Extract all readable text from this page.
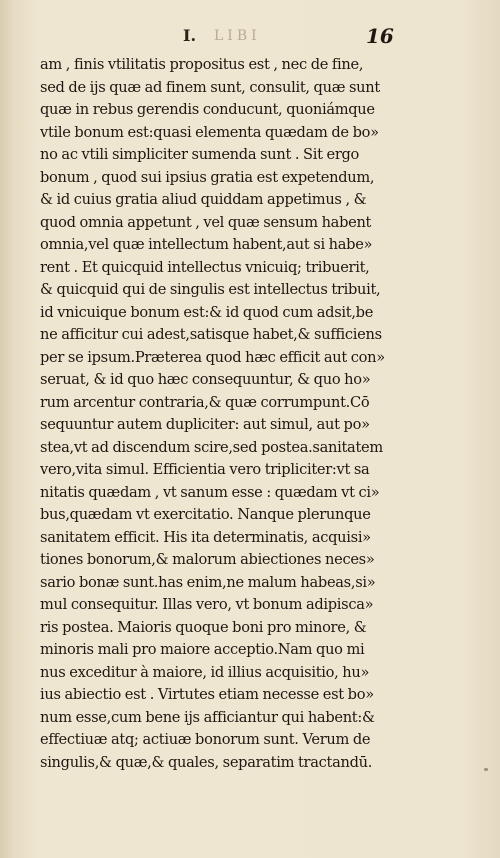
I. LIBI	16
am , finis vtilitatis propositus est , nec de fine,
sed de ijs quæ ad finem sunt, consulit, quæ sunt
quæ in rebus gerendis conducunt, quoniámque
vtile bonum est:quasi elementa quædam de bo»
no ac vtili simpliciter sumenda sunt . Sit ergo
bonum , quod sui ipsius gratia est expetendum,
& id cuius gratia aliud quiddam appetimus , &
quod omnia appetunt , vel quæ sensum habent
omnia,vel quæ intellectum habent,aut si habe»
rent . Et quicquid intellectus vnicuiq; tribuerit,
& quicquid qui de singulis est intellectus tribuit,
id vnicuique bonum est:& id quod cum adsit,be
ne afficitur cui adest,satisque habet,& sufficiens
per se ipsum.Præterea quod hæc efficit aut con»
seruat, & id quo hæc consequuntur, & quo ho»
rum arcentur contraria,& quæ corrumpunt.Cō
sequuntur autem dupliciter: aut simul, aut po»
stea,vt ad discendum scire,sed postea.sanitatem
vero,vita simul. Efficientia vero tripliciter:vt sa
nitatis quædam , vt sanum esse : quædam vt ci»
bus,quædam vt exercitatio. Nanque plerunque
sanitatem efficit. His ita determinatis, acquisi»
tiones bonorum,& malorum abiectiones neces»
sario bonæ sunt.has enim,ne malum habeas,si»
mul consequitur. Illas vero, vt bonum adipisca»
ris postea. Maioris quoque boni pro minore, &
minoris mali pro maiore acceptio.Nam quo mi
nus exceditur à maiore, id illius acquisitio, hu»
ius abiectio est . Virtutes etiam necesse est bo»
num esse,cum bene ijs afficiantur qui habent:&
effectiuæ atq; actiuæ bonorum sunt. Verum de
singulis,& quæ,& quales, separatim tractandū.
